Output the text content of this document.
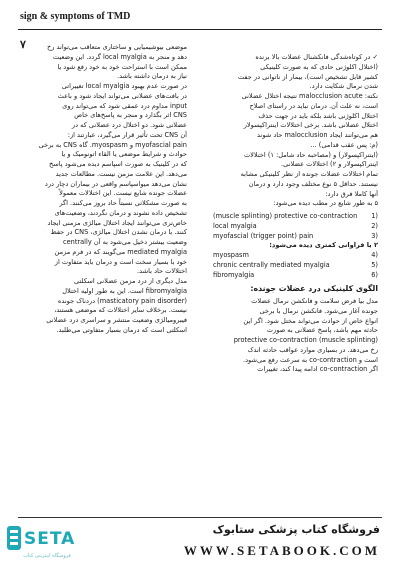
sign & symptoms of TMD
٧
✓ در کوتاه‌شدگی فانکشنال عضلات بالا برنده
(اختلال اکلوژنی حادی که به صورت کلینیکی
کشیر قابل تشخیص است)، بیمار از ناتوانی در جفت
شدن نرمال شکایت دارد.
نکته: malocclusion acute نتیجه اختلال عضلانی
است، نه علت آن. درمان نباید در راستای اصلاح
اختلال اکلوژنی باشد بلکه باید در جهت حذف
اختلال عضلانی باشد. برخی اختلالات اینتراکپسولار
هم می‌توانند ایجاد malocclusion حاد شوند
(م: پس عقب قدامی) ...
(اینتراکپسولار) و (مصاحبه حاد شامل: ۱) اختلالات
اینتراکپسولار و ۲) اختلالات عضلانی.
تمام اختلالات عضلات جونده از نظر کلینیکی مشابه
نیستند. حداقل ۵ نوع مختلف وجود دارد و درمان
آنها کاملا فرق دارد:
۵ به طور شایع در مطب دیده می‌شود:
(muscle splinting) protective co-contraction 1)
local myalgia	2)
myofascial (trigger point) pain	3)
۲ یا فراوانی کمتری دیده می‌شود:
myospasm	4)
chronic centrally mediated myalgia	5)
fibromyalgia	6)
الگوی کلینیکی درد عضلات جونده:
مدل بیا فرض سلامت و فانکشن نرمال عضلات
جونده آغاز می‌شود. فانکشن نرمال با برخی
انواع خاص از حوادث می‌تواند مختل شود. اگر این
حادثه مهم باشد، پاسخ عضلانی به صورت
protective co-contraction (muscle splinting)
رخ می‌دهد. در بسیاری موارد عواقب حادثه اندک
است و co-contraction به سرعت رفع می‌شود.
اگر co-contraction ادامه پیدا کند، تغییرات
موضعی بیوشیمیایی و ساختاری متعاقب می‌تواند رخ
دهد و منجر به local myalgia گردد. این وضعیت
ممکن است با استراحت خود به خود رفع شود یا
نیاز به درمان داشته باشد.
در صورت عدم بهبود local myalgia تغییراتی
در بافت‌های عضلانی می‌تواند ایجاد شود و باعث
input مداوم درد عمقی شود که می‌تواند روی
CNS اثر بگذارد و منجر به پاسخ‌های خاص
عضلانی شود. دو اختلال درد عضلانی که در
آن CNS تحت تأثیر قرار می‌گیرد، عبارتند از:
myofascial pain و myospasm. گاه CNS به برخی
حوادث و شرایط موضعی یا القاء اتونومیک و یا
که در کلینیک به صورت اسپاسم دیده می‌شود پاسخ
می‌دهد. این علامت مزمن نیست. مطالعات جدید
نشان می‌دهد میواسپاسم واقعی در بیماران دچار درد
عضلات جونده شایع نیست. این اختلالات معمولاً
به صورت مشکلاتی نسبتاً حاد بروز می‌کنند. اگر
تشخیص داده نشوند و درمان نگردند، وضعیت‌های
خاص‌تری می‌توانند ایجاد اختلال میالژی مزمنی ایجاد
کنند. با درمان نشدن اختلال میالژی، CNS در حفظ
وضعیت بیشتر دخیل می‌شود به آن centrally
mediated myalgia می‌گویند که در فرم مزمن
خود با بسیار سخت است و درمان باید متفاوت از
اختلالات حاد باشد.
مدل دیگری از درد مزمن عضلانی اسکلتی
fibromyalgia است. این به طور اولیه اختلال
(masticatory pain disorder) دردناک جونده
نیست. برخلاف سایر اختلالات که موضعی هستند،
فیبرومیالژی وضعیت منتشر و سراسری درد عضلانی
اسکلتی است که درمان بسیار متفاوتی می‌طلبد.
SETA
فروشگاه اینترنتی کتاب
فروشگاه کتاب پزشکی ستابوک
WWW.SETABOOK.COM
